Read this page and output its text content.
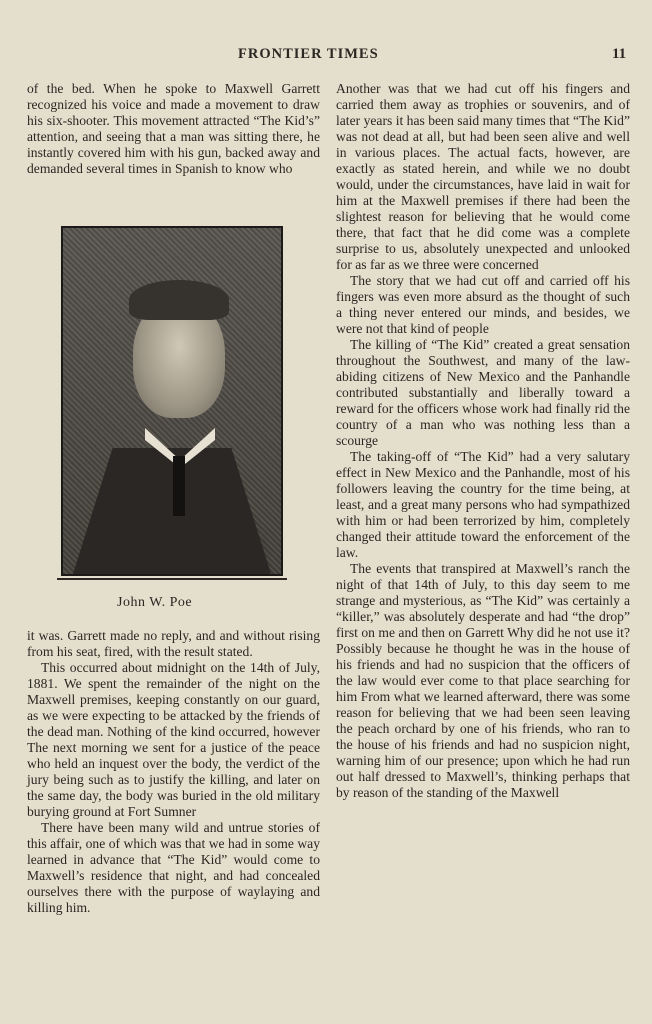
FRONTIER TIMES	11

of the bed. When he spoke to Maxwell Garrett recognized his voice and made a movement to draw his six-shooter. This movement attracted “The Kid’s” attention, and seeing that a man was sitting there, he instantly covered him with his gun, backed away and demanded several times in Spanish to know who

John W. Poe

it was. Garrett made no reply, and and without rising from his seat, fired, with the result stated.

This occurred about midnight on the 14th of July, 1881. We spent the remainder of the night on the Maxwell premises, keeping constantly on our guard, as we were expecting to be attacked by the friends of the dead man. Nothing of the kind occurred, however The next morning we sent for a justice of the peace who held an inquest over the body, the verdict of the jury being such as to justify the killing, and later on the same day, the body was buried in the old military burying ground at Fort Sumner

There have been many wild and untrue stories of this affair, one of which was that we had in some way learned in advance that “The Kid” would come to Maxwell’s residence that night, and had concealed ourselves there with the purpose of waylaying and killing him.

Another was that we had cut off his fingers and carried them away as trophies or souvenirs, and of later years it has been said many times that “The Kid” was not dead at all, but had been seen alive and well in various places. The actual facts, however, are exactly as stated herein, and while we no doubt would, under the circumstances, have laid in wait for him at the Maxwell premises if there had been the slightest reason for believing that he would come there, that fact that he did come was a complete surprise to us, absolutely unexpected and unlooked for as far as we three were concerned

The story that we had cut off and carried off his fingers was even more absurd as the thought of such a thing never entered our minds, and besides, we were not that kind of people

The killing of “The Kid” created a great sensation throughout the Southwest, and many of the law-abiding citizens of New Mexico and the Panhandle contributed substantially and liberally toward a reward for the officers whose work had finally rid the country of a man who was nothing less than a scourge

The taking-off of “The Kid” had a very salutary effect in New Mexico and the Panhandle, most of his followers leaving the country for the time being, at least, and a great many persons who had sympathized with him or had been terrorized by him, completely changed their attitude toward the enforcement of the law.

The events that transpired at Maxwell’s ranch the night of that 14th of July, to this day seem to me strange and mysterious, as “The Kid” was certainly a “killer,” was absolutely desperate and had “the drop” first on me and then on Garrett Why did he not use it? Possibly because he thought he was in the house of his friends and had no suspicion that the officers of the law would ever come to that place searching for him From what we learned afterward, there was some reason for believing that we had been seen leaving the peach orchard by one of his friends, who ran to the house of his friends and had no suspicion night, warning him of our presence; upon which he had run out half dressed to Maxwell’s, thinking perhaps that by reason of the standing of the Maxwell
